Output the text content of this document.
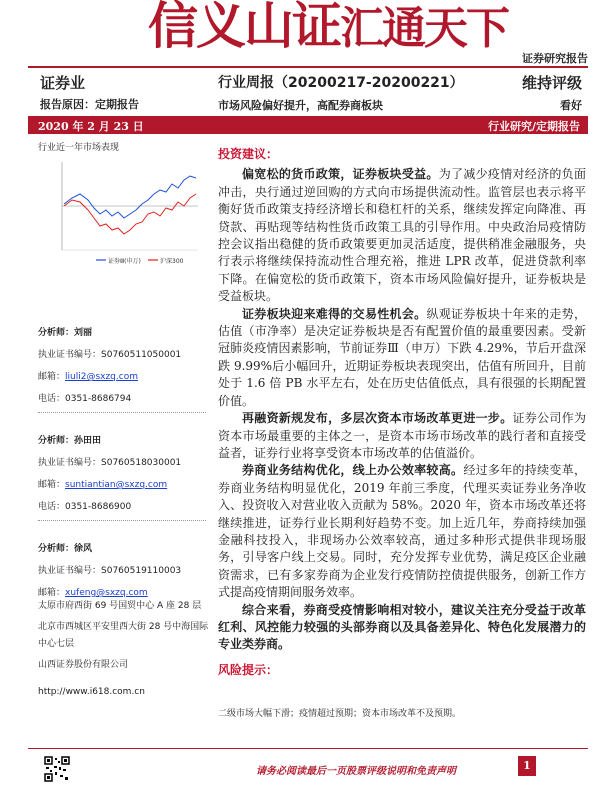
信义山证汇通天下
证券研究报告
证券业	行业周报（20200217-20200221）	维持评级
报告原因：定期报告	市场风险偏好提升，高配券商板块	看好
2020 年 2 月 23 日	行业研究/定期报告
行业近一年市场表现
证券Ⅲ(申万)	沪深300
分析师：刘丽
执业证书编号：S0760511050001
邮箱：liuli2@sxzq.com
电话：0351-8686794
分析师：孙田田
执业证书编号：S0760518030001
邮箱：suntiantian@sxzq.com
电话：0351-8686900
分析师：徐风
执业证书编号：S0760519110003
邮箱：xufeng@sxzq.com
太原市府西街 69 号国贸中心 A 座 28 层
北京市西城区平安里西大街 28 号中海国际中心七层
山西证券股份有限公司
http://www.i618.com.cn
投资建议：

偏宽松的货币政策，证券板块受益。为了减少疫情对经济的负面冲击，央行通过逆回购的方式向市场提供流动性。监管层也表示将平衡好货币政策支持经济增长和稳杠杆的关系，继续发挥定向降准、再贷款、再贴现等结构性货币政策工具的引导作用。中央政治局疫情防控会议指出稳健的货币政策要更加灵活适度，提供稍准金融服务，央行表示将继续保持流动性合理充裕，推进 LPR 改革，促进贷款利率下降。在偏宽松的货币政策下，资本市场风险偏好提升，证券板块是受益板块。

证券板块迎来难得的交易性机会。纵观证券板块十年来的走势，估值（市净率）是决定证券板块是否有配置价值的最重要因素。受新冠肺炎疫情因素影响，节前证券Ⅲ（申万）下跌 4.29%，节后开盘深跌 9.99%后小幅回升，近期证券板块表现突出，估值有所回升，目前处于 1.6 倍 PB 水平左右，处在历史估值低点，具有很强的长期配置价值。

再融资新规发布，多层次资本市场改革更进一步。证券公司作为资本市场最重要的主体之一，是资本市场市场改革的践行者和直接受益者，证券行业将享受资本市场改革的估值溢价。

券商业务结构优化，线上办公效率较高。经过多年的持续变革，券商业务结构明显优化，2019 年前三季度，代理买卖证券业务净收入、投资收入对营业收入贡献为 58%。2020 年，资本市场改革还将继续推进，证券行业长期利好趋势不变。加上近几年，券商持续加强金融科技投入，非现场办公效率较高，通过多种形式提供非现场服务，引导客户线上交易。同时，充分发挥专业优势，满足疫区企业融资需求，已有多家券商为企业发行疫情防控债提供服务，创新工作方式提高疫情期间服务效率。

综合来看，券商受疫情影响相对较小，建议关注充分受益于改革红利、风控能力较强的头部券商以及具备差异化、特色化发展潜力的专业类券商。

风险提示：
二级市场大幅下滑；疫情超过预期；资本市场改革不及预期。
请务必阅读最后一页股票评级说明和免责声明	1
